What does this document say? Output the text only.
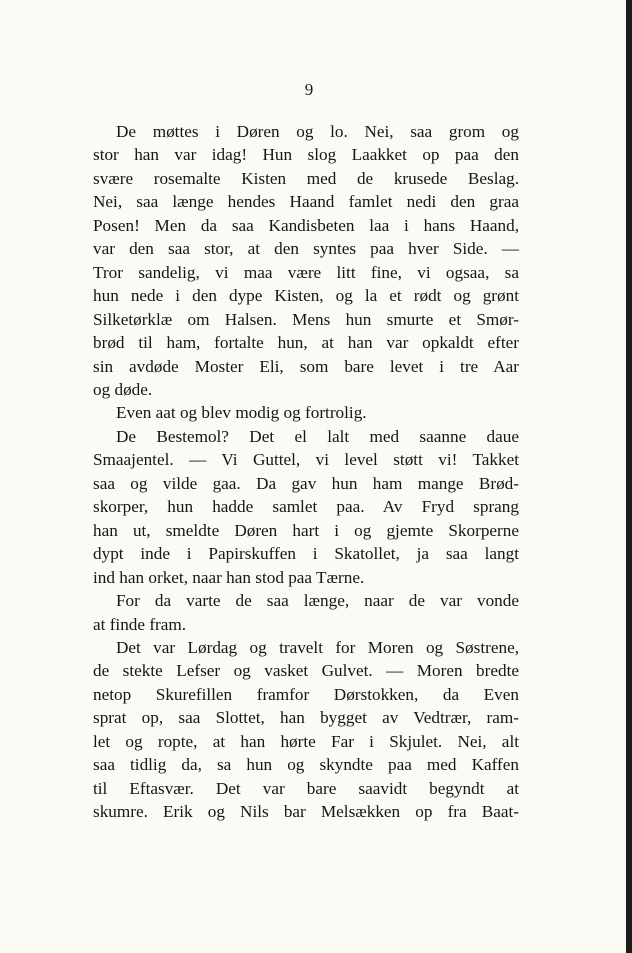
9
De møttes i Døren og lo. Nei, saa grom og
stor han var idag! Hun slog Laakket op paa den
svære rosemalte Kisten med de krusede Beslag.
Nei, saa længe hendes Haand famlet nedi den graa
Posen! Men da saa Kandisbeten laa i hans Haand,
var den saa stor, at den syntes paa hver Side. —
Tror sandelig, vi maa være litt fine, vi ogsaa, sa
hun nede i den dype Kisten, og la et rødt og grønt
Silketørklæ om Halsen. Mens hun smurte et Smør-
brød til ham, fortalte hun, at han var opkaldt efter
sin avdøde Moster Eli, som bare levet i tre Aar
og døde.
Even aat og blev modig og fortrolig.
De Bestemol? Det el lalt med saanne daue
Smaajentel. — Vi Guttel, vi level støtt vi! Takket
saa og vilde gaa. Da gav hun ham mange Brød-
skorper, hun hadde samlet paa. Av Fryd sprang
han ut, smeldte Døren hart i og gjemte Skorperne
dypt inde i Papirskuffen i Skatollet, ja saa langt
ind han orket, naar han stod paa Tærne.
For da varte de saa længe, naar de var vonde
at finde fram.
Det var Lørdag og travelt for Moren og Søstrene,
de stekte Lefser og vasket Gulvet. — Moren bredte
netop Skurefillen framfor Dørstokken, da Even
sprat op, saa Slottet, han bygget av Vedtrær, ram-
let og ropte, at han hørte Far i Skjulet. Nei, alt
saa tidlig da, sa hun og skyndte paa med Kaffen
til Eftasvær. Det var bare saavidt begyndt at
skumre. Erik og Nils bar Melsækken op fra Baat-
